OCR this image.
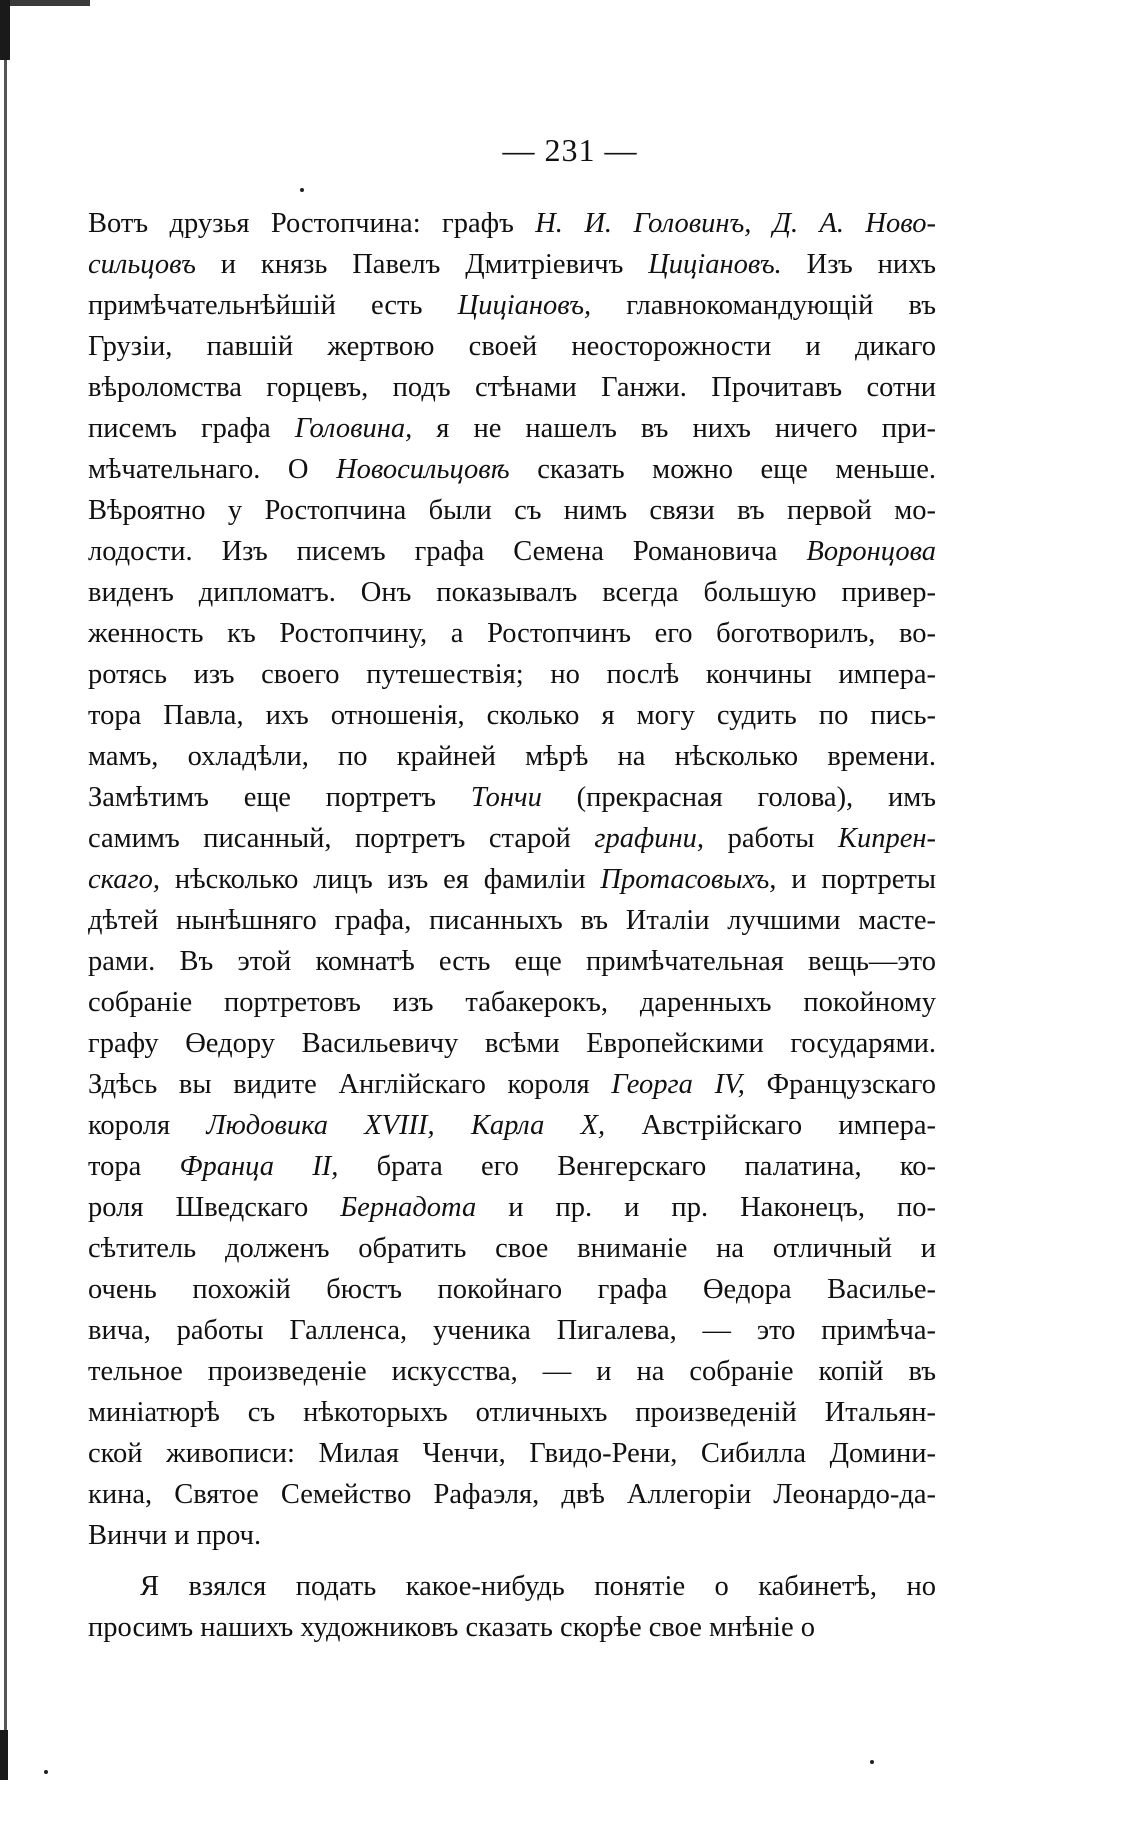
— 231 —
Вотъ друзья Ростопчина: графъ Н. И. Головинъ, Д. А. Ново-
сильцовъ и князь Павелъ Дмитріевичъ Цицiановъ. Изъ нихъ
примѣчательнѣйшій есть Цицiановъ, главнокомандующій въ
Грузіи, павшій жертвою своей неосторожности и дикаго
вѣроломства горцевъ, подъ стѣнами Ганжи. Прочитавъ сотни
писемъ графа Головина, я не нашелъ въ нихъ ничего при-
мѣчательнаго. О Новосильцовѣ сказать можно еще меньше.
Вѣроятно у Ростопчина были съ нимъ связи въ первой мо-
лодости. Изъ писемъ графа Семена Романовича Воронцова
виденъ дипломатъ. Онъ показывалъ всегда большую привер-
женность къ Ростопчину, а Ростопчинъ его боготворилъ, во-
ротясь изъ своего путешествія; но послѣ кончины импера-
тора Павла, ихъ отношенія, сколько я могу судить по пись-
мамъ, охладѣли, по крайней мѣрѣ на нѣсколько времени.
Замѣтимъ еще портретъ Тончи (прекрасная голова), имъ
самимъ писанный, портретъ старой графини, работы Кипрен-
скаго, нѣсколько лицъ изъ ея фамиліи Протасовыхъ, и портреты
дѣтей нынѣшняго графа, писанныхъ въ Италіи лучшими масте-
рами. Въ этой комнатѣ есть еще примѣчательная вещь—это
собраніе портретовъ изъ табакерокъ, даренныхъ покойному
графу Өедору Васильевичу всѣми Европейскими государями.
Здѣсь вы видите Англійскаго короля Георга IV, Французскаго
короля Людовика XVIII, Карла X, Австрійскаго импера-
тора Франца II, брата его Венгерскаго палатина, ко-
роля Шведскаго Бернадота и пр. и пр. Наконецъ, по-
сѣтитель долженъ обратить свое вниманіе на отличный и
очень похожій бюстъ покойнаго графа Өедора Василье-
вича, работы Галленса, ученика Пигалева, — это примѣча-
тельное произведеніе искусства, — и на собраніе копій въ
миніатюрѣ съ нѣкоторыхъ отличныхъ произведеній Итальян-
ской живописи: Милая Ченчи, Гвидо-Рени, Сибилла Домини-
кина, Святое Семейство Рафаэля, двѣ Аллегоріи Леонардо-да-
Винчи и проч.
Я взялся подать какое-нибудь понятіе о кабинетѣ, но
просимъ нашихъ художниковъ сказать скорѣе свое мнѣніе о
